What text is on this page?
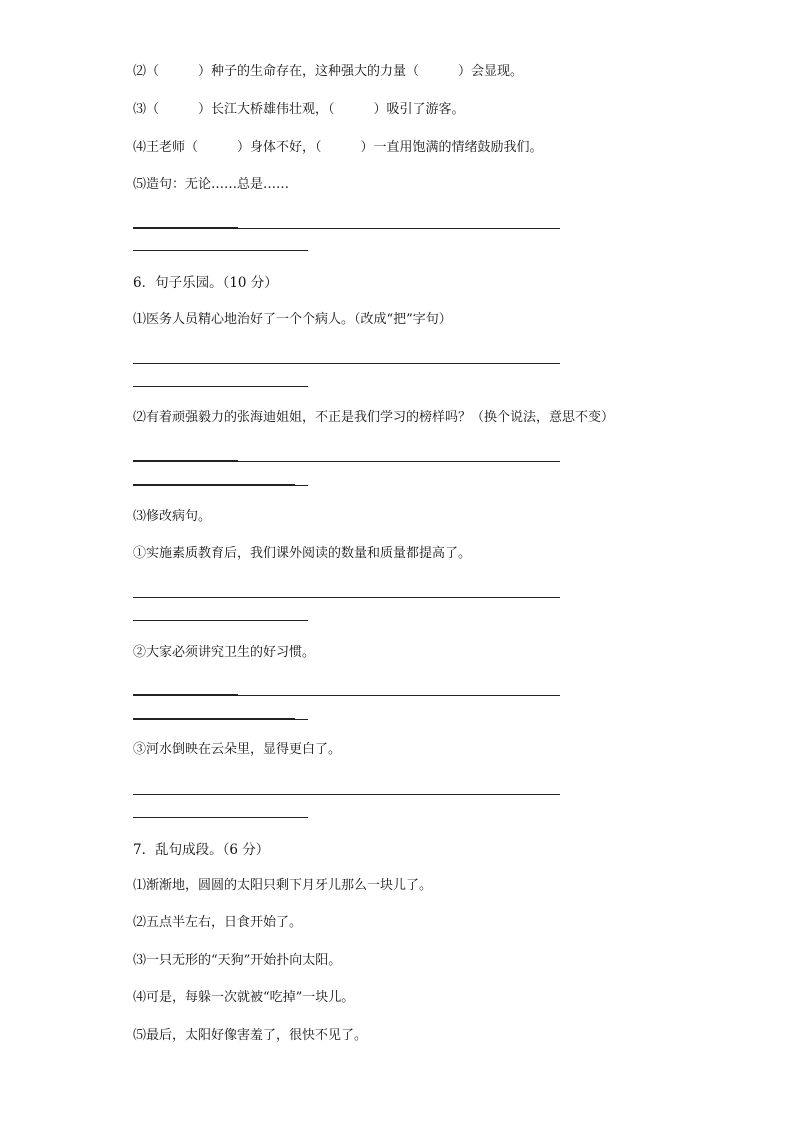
⑵（　　　）种子的生命存在，这种强大的力量（　　　）会显现。
⑶（　　　）长江大桥雄伟壮观，（　　　）吸引了游客。
⑷王老师（　　　）身体不好，（　　　）一直用饱满的情绪鼓励我们。
⑸造句：无论……总是……
6．句子乐园。（10 分）
⑴医务人员精心地治好了一个个病人。（改成“把”字句）
⑵有着顽强毅力的张海迪姐姐，不正是我们学习的榜样吗？（换个说法，意思不变）
⑶修改病句。
①实施素质教育后，我们课外阅读的数量和质量都提高了。
②大家必须讲究卫生的好习惯。
③河水倒映在云朵里，显得更白了。
7．乱句成段。（6 分）
⑴渐渐地，圆圆的太阳只剩下月牙儿那么一块儿了。
⑵五点半左右，日食开始了。
⑶一只无形的“天狗”开始扑向太阳。
⑷可是，每躲一次就被“吃掉”一块儿。
⑸最后，太阳好像害羞了，很快不见了。
